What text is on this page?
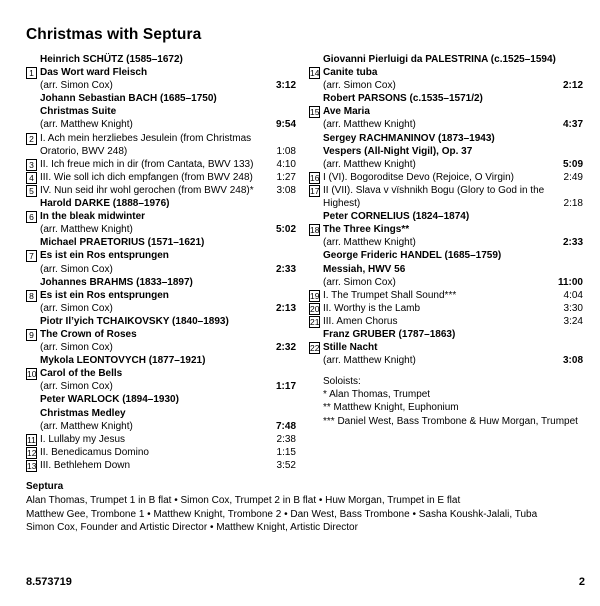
Christmas with Septura
Heinrich SCHÜTZ (1585–1672)
1 Das Wort ward Fleisch
(arr. Simon Cox)	3:12
Johann Sebastian BACH (1685–1750)
Christmas Suite
(arr. Matthew Knight)	9:54
2 I. Ach mein herzliebes Jesulein (from Christmas Oratorio, BWV 248)	1:08
3 II. Ich freue mich in dir (from Cantata, BWV 133) 4:10
4 III. Wie soll ich dich empfangen (from BWV 248) 1:27
5 IV. Nun seid ihr wohl gerochen (from BWV 248)* 3:08
Harold DARKE (1888–1976)
6 In the bleak midwinter
(arr. Matthew Knight)	5:02
Michael PRAETORIUS (1571–1621)
7 Es ist ein Ros entsprungen
(arr. Simon Cox)	2:33
Johannes BRAHMS (1833–1897)
8 Es ist ein Ros entsprungen
(arr. Simon Cox)	2:13
Piotr Il’yich TCHAIKOVSKY (1840–1893)
9 The Crown of Roses
(arr. Simon Cox)	2:32
Mykola LEONTOVYCH (1877–1921)
10 Carol of the Bells
(arr. Simon Cox)	1:17
Peter WARLOCK (1894–1930)
Christmas Medley
(arr. Matthew Knight)	7:48
11 I. Lullaby my Jesus	2:38
12 II. Benedicamus Domino	1:15
13 III. Bethlehem Down	3:52
Giovanni Pierluigi da PALESTRINA (c.1525–1594)
14 Canite tuba
(arr. Simon Cox)	2:12
Robert PARSONS (c.1535–1571/2)
15 Ave Maria
(arr. Matthew Knight)	4:37
Sergey RACHMANINOV (1873–1943)
Vespers (All-Night Vigil), Op. 37
(arr. Matthew Knight)	5:09
16 I (VI). Bogoroditse Devo (Rejoice, O Virgin)	2:49
17 II (VII). Slava v vïshnikh Bogu (Glory to God in the Highest)	2:18
Peter CORNELIUS (1824–1874)
18 The Three Kings**
(arr. Matthew Knight)	2:33
George Frideric HANDEL (1685–1759)
Messiah, HWV 56
(arr. Simon Cox)	11:00
19 I. The Trumpet Shall Sound***	4:04
20 II. Worthy is the Lamb	3:30
21 III. Amen Chorus	3:24
Franz GRUBER (1787–1863)
22 Stille Nacht
(arr. Matthew Knight)	3:08
Soloists:
* Alan Thomas, Trumpet
** Matthew Knight, Euphonium
*** Daniel West, Bass Trombone & Huw Morgan, Trumpet
Septura
Alan Thomas, Trumpet 1 in B flat • Simon Cox, Trumpet 2 in B flat • Huw Morgan, Trumpet in E flat
Matthew Gee, Trombone 1 • Matthew Knight, Trombone 2 • Dan West, Bass Trombone • Sasha Koushk-Jalali, Tuba
Simon Cox, Founder and Artistic Director • Matthew Knight, Artistic Director
8.573719	2
